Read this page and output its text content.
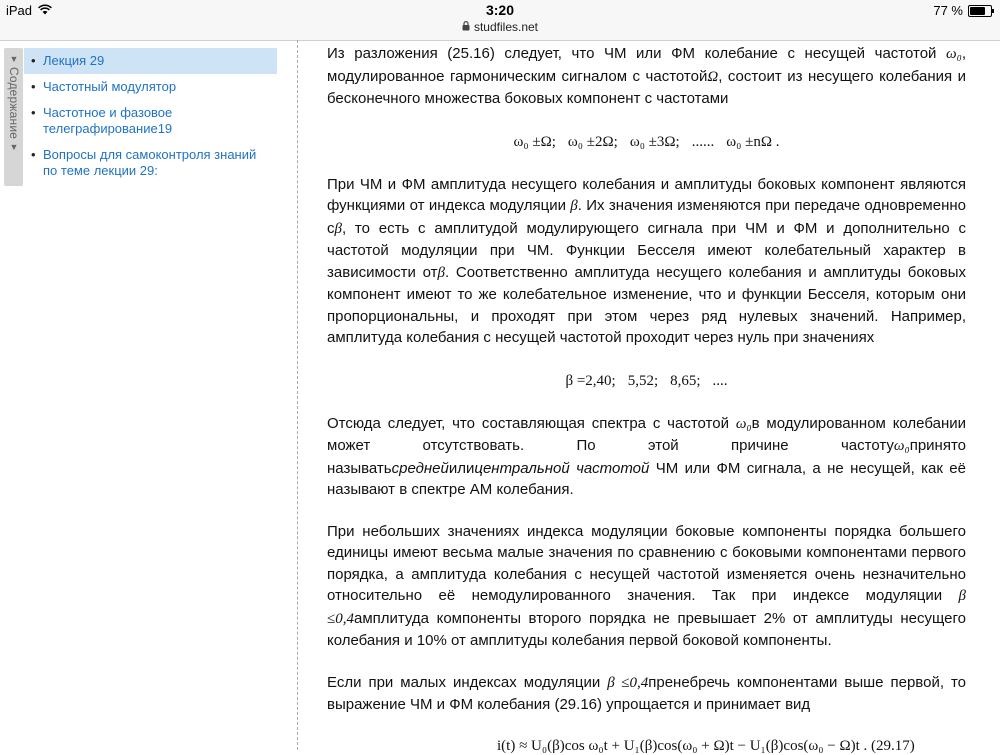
iPad	3:20	77 %
studfiles.net
▼
Содержание
▼
• Лекция 29
• Частотный модулятор
• Частотное и фазовое телеграфирование19
• Вопросы для самоконтроля знаний по теме лекции 29:

Из разложения (25.16) следует, что ЧМ или ФМ колебание с несущей частотой ω₀, модулированное гармоническим сигналом с частотойΩ, состоит из несущего колебания и бесконечного множества боковых компонент с частотами

ω₀ ±Ω; ω₀ ±2Ω; ω₀ ±3Ω; ...... ω₀ ±nΩ .

При ЧМ и ФМ амплитуда несущего колебания и амплитуды боковых компонент являются функциями от индекса модуляции β. Их значения изменяются при передаче одновременно сβ, то есть с амплитудой модулирующего сигнала при ЧМ и ФМ и дополнительно с частотой модуляции при ЧМ. Функции Бесселя имеют колебательный характер в зависимости отβ. Соответственно амплитуда несущего колебания и амплитуды боковых компонент имеют то же колебательное изменение, что и функции Бесселя, которым они пропорциональны, и проходят при этом через ряд нулевых значений. Например, амплитуда колебания с несущей частотой проходит через нуль при значениях

β =2,40; 5,52; 8,65; ....

Отсюда следует, что составляющая спектра с частотой ω₀в модулированном колебании может отсутствовать. По этой причине частотуω₀принято называтьсреднейилицентральной частотой ЧМ или ФМ сигнала, а не несущей, как её называют в спектре АМ колебания.

При небольших значениях индекса модуляции боковые компоненты порядка большего единицы имеют весьма малые значения по сравнению с боковыми компонентами первого порядка, а амплитуда колебания с несущей частотой изменяется очень незначительно относительно её немодулированного значения. Так при индексе модуляции β ≤0,4амплитуда компоненты второго порядка не превышает 2% от амплитуды несущего колебания и 10% от амплитуды колебания первой боковой компоненты.

Если при малых индексах модуляции β ≤0,4пренебречь компонентами выше первой, то выражение ЧМ и ФМ колебания (29.16) упрощается и принимает вид

i(t) ≈ U₀(β)cos ω₀t + U₁(β)cos(ω₀ + Ω)t − U₁(β)cos(ω₀ − Ω)t . (29.17)
